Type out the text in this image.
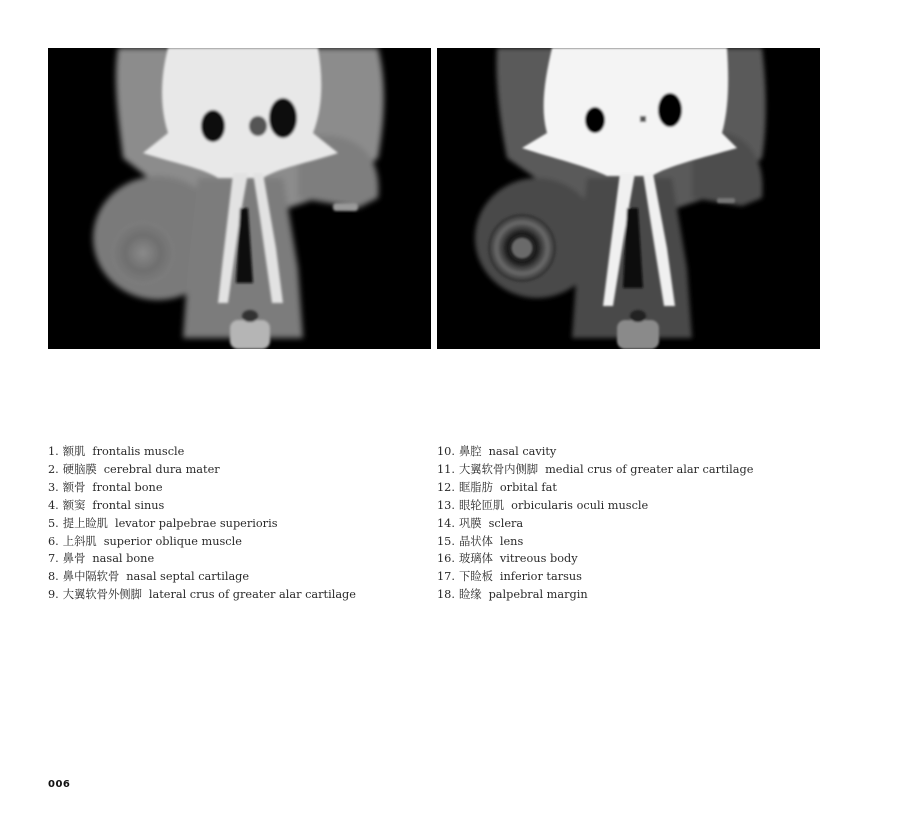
1. 额肌 frontalis muscle
2. 硬脑膜 cerebral dura mater
3. 额骨 frontal bone
4. 额窦 frontal sinus
5. 提上睑肌 levator palpebrae superioris
6. 上斜肌 superior oblique muscle
7. 鼻骨 nasal bone
8. 鼻中隔软骨 nasal septal cartilage
9. 大翼软骨外侧脚 lateral crus of greater alar cartilage
10. 鼻腔 nasal cavity
11. 大翼软骨内侧脚 medial crus of greater alar cartilage
12. 眶脂肪 orbital fat
13. 眼轮匝肌 orbicularis oculi muscle
14. 巩膜 sclera
15. 晶状体 lens
16. 玻璃体 vitreous body
17. 下睑板 inferior tarsus
18. 睑缘 palpebral margin
006
